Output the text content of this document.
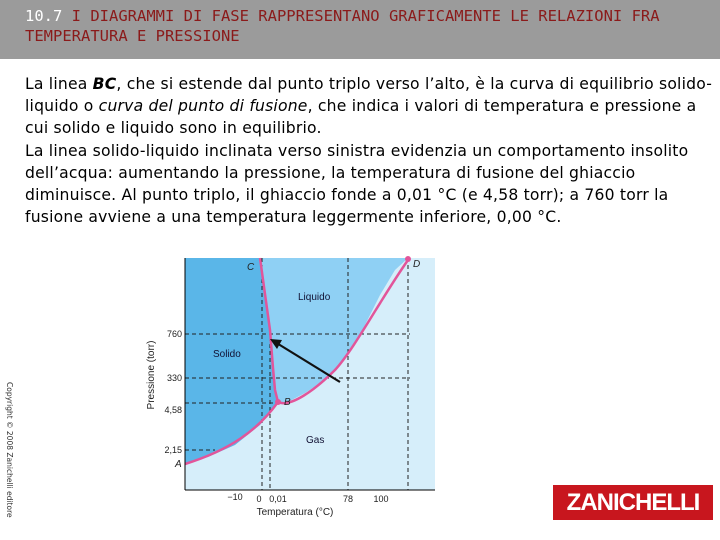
10.7 I DIAGRAMMI DI FASE RAPPRESENTANO GRAFICAMENTE LE RELAZIONI FRA TEMPERATURA E PRESSIONE

La linea BC, che si estende dal punto triplo verso l’alto, è la curva di equilibrio solido-liquido o curva del punto di fusione, che indica i valori di temperatura e pressione a cui solido e liquido sono in equilibrio.

La linea solido-liquido inclinata verso sinistra evidenzia un comportamento insolito dell’acqua: aumentando la pressione, la temperatura di fusione del ghiaccio diminuisce. Al punto triplo, il ghiaccio fonde a 0,01 °C (e 4,58 torr); a 760 torr la fusione avviene a una temperatura leggermente inferiore, 0,00 °C.

Copyright © 2008 Zanichelli editore
Liquido
Solido
Gas
C	D
B
A
760
330
4,58
2,15
−10 0 0,01	78 100
Temperatura (°C)
Pressione (torr)
ZANICHELLI
